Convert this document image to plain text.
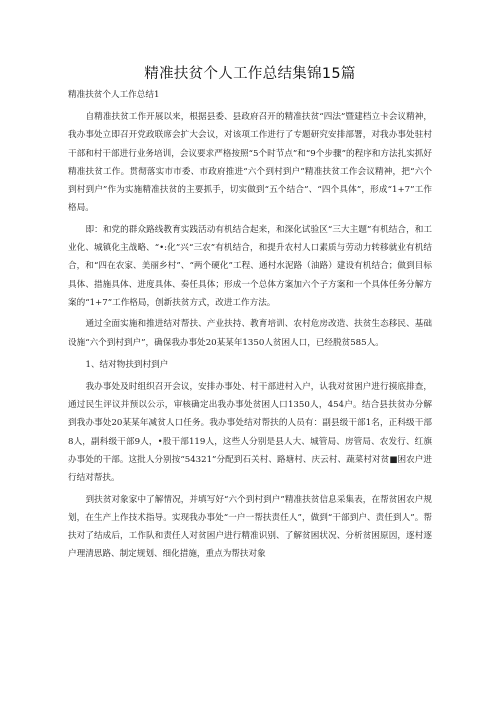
精准扶贫个人工作总结集锦15篇

精准扶贫个人工作总结1

自精准扶贫工作开展以来，根据县委、县政府召开的精准扶贫“四法”暨建档立卡会议精神，我办事处立即召开党政联席会扩大会议，对该项工作进行了专题研究安排部署，对我办事处驻村干部和村干部进行业务培训，会议要求严格按照“5个时节点”和“9个步骤”的程序和方法扎实抓好精准扶贫工作。贯彻落实市市委、市政府推进“六个到村到户”精准扶贫工作会议精神，把“六个到村到户”作为实施精准扶贫的主要抓手，切实做到“五个结合”、“四个具体”，形成“1+7”工作格局。

即：和党的群众路线教育实践活动有机结合起来，和深化试验区“三大主题”有机结合，和工业化、城镇化主战略、“•:化”兴“三农”有机结合，和提升农村人口素质与劳动力转移就业有机结合，和“四在农家、美丽乡村”、“两个硬化”工程、通村水泥路（油路）建设有机结合；做到目标具体、措施具体、进度具体、奏任具体；形成一个总体方案加六个子方案和一个具体任务分解方案的“1+7”工作格局，创新扶贫方式，改进工作方法。

通过全面实施和推进结对帮扶、产业扶持、教育培训、农村危房改造、扶贫生态移民、基础设施“六个到村到户”，确保我办事处20某某年1350人贫困人口，已经脱贫585人。

1、结对物扶到村到户

我办事处及时组织召开会议，安排办事处、村干部进村入户，认我对贫困户进行摸底排查，通过民生评议并预以公示，审核确定出我办事处贫困人口1350人，454户。结合县扶贫办分解到我办事处20某某年减贫人口任务。我办事处结对帮扶的人员有：副县级干部1名，正科级干部8人，副科级干部9人，•股干部119人，这些人分别是县人大、城管局、房管局、农发行、红旗办事处的干部。这批人分别按“54321”分配到石关村、路塘村、庆云村、蔬菜村对贫■困农户进行结对帮扶。

到扶贫对象家中了解情况，并填写好“六个到村到户”精准扶贫信息采集表，在帮贫困农户规划，在生产上作技术指导。实现我办事处“一户一帮扶责任人”，做到“干部到户、责任到人”。帮扶对了结成后，工作队和责任人对贫困户进行精准识别、了解贫困状况、分析贫困原因，逐村逐户理清思路、制定规划、细化措施，重点为帮扶对象
